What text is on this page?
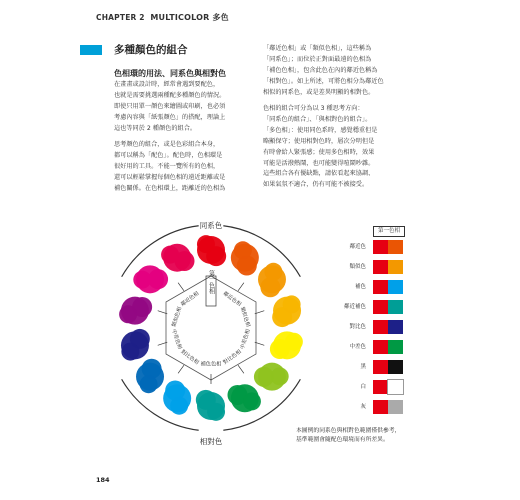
CHAPTER 2 MULTICOLOR 多色
多種顏色的組合
色相環的用法、同系色與相對色
在畫畫或設計時，經常會遇到要配色，
也就是需要挑選兩種配多種顏色的情況。
即使只用單一顏色來繪圖或印刷，也必須
考慮內容與「紙張顏色」的搭配，理論上
這也等同於 2 種顏色的組合。
思考顏色的組合，或是色彩組合本身，
都可以稱為「配色」。配色時，色相環是
很好用的工具。不能一覽所有的色相，
還可以輕鬆掌握每個色相的遠近距離或是
補色關係。在色相環上，距離近的色相為
「鄰近色相」或「類似色相」，這些稱為
「同系色」；而位於正對面最遠的色相為
「補色色相」，包含此色在內的鄰近色稱為
「相對色」。如上所述，可將色相分為鄰近色
相似的同系色，或是差異明顯的相對色。
色相的組合可分為以 3 種思考方向：
「同系色的組合」、「與相對色的組合」。
「多色相」：使用同色系時，感覺穩重但是
略顯保守；使用相對色時，層次分明但是
有時會給人緊張感；使用多色相時，效果
可能是活潑熱鬧，也可能變得喧鬧吵雜。
這些組合各有優缺點，請依看起來協調、
如果氣氛不適合，仍有可能不被接受。
第一色相
鄰近色相
類似色相
中差色相
對比色相
補色色相
對比色相
中差色相
類似色相
鄰近色相
同系色
相對色
第一色相
鄰近色
類似色
補色
鄰近補色
對比色
中差色
黑
白
灰
本圖例的同系色與相對色範圍僅供參考，
基準範圍會隨配色環境而有所差異。
184
